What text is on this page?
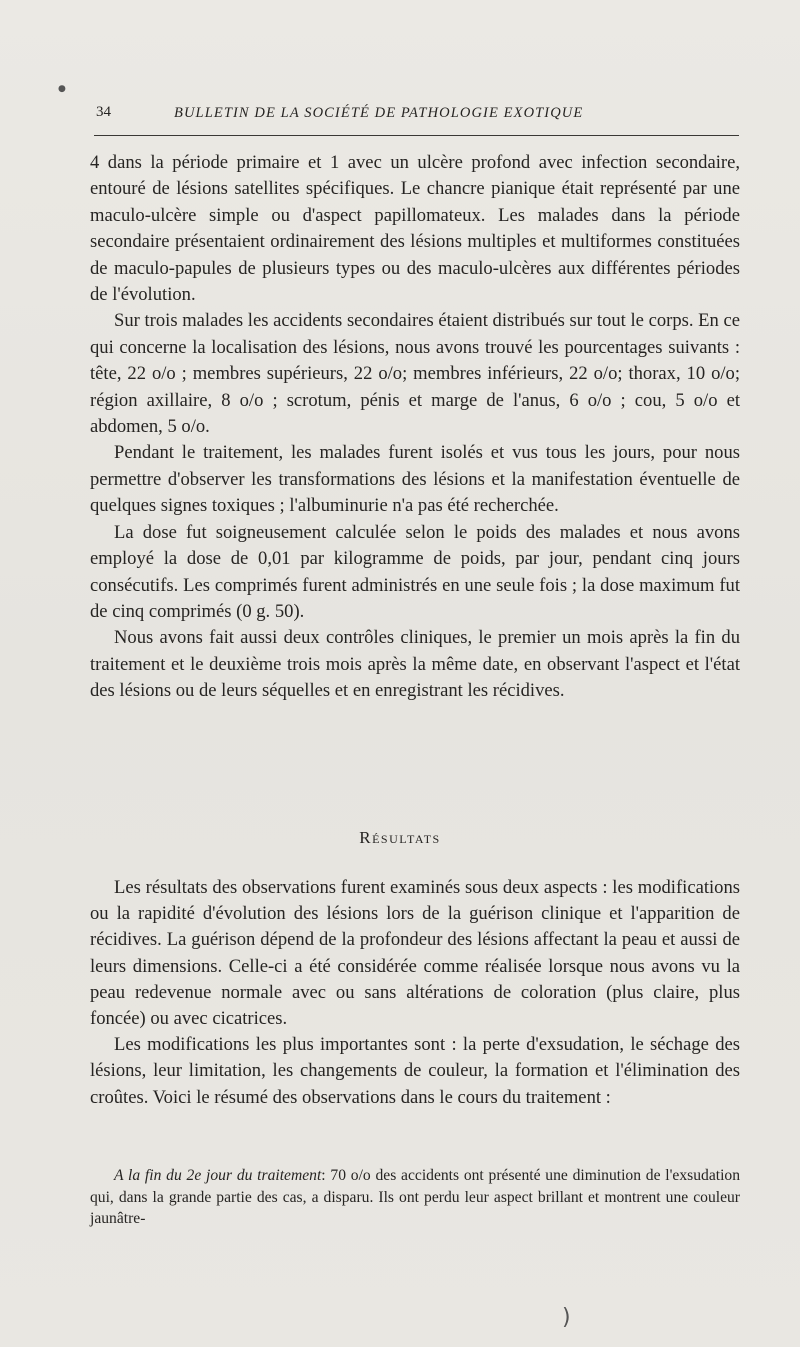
●
34	BULLETIN DE LA SOCIÉTÉ DE PATHOLOGIE EXOTIQUE

4 dans la période primaire et 1 avec un ulcère profond avec infection secondaire, entouré de lésions satellites spécifiques. Le chancre pianique était représenté par une maculo-ulcère simple ou d'aspect papillomateux. Les malades dans la période secondaire présentaient ordinairement des lésions multiples et multiformes constituées de maculo-papules de plusieurs types ou des maculo-ulcères aux différentes périodes de l'évolution.

Sur trois malades les accidents secondaires étaient distribués sur tout le corps. En ce qui concerne la localisation des lésions, nous avons trouvé les pourcentages suivants : tête, 22 o/o ; membres supérieurs, 22 o/o; membres inférieurs, 22 o/o; thorax, 10 o/o; région axillaire, 8 o/o ; scrotum, pénis et marge de l'anus, 6 o/o ; cou, 5 o/o et abdomen, 5 o/o.

Pendant le traitement, les malades furent isolés et vus tous les jours, pour nous permettre d'observer les transformations des lésions et la manifestation éventuelle de quelques signes toxiques ; l'albuminurie n'a pas été recherchée.

La dose fut soigneusement calculée selon le poids des malades et nous avons employé la dose de 0,01 par kilogramme de poids, par jour, pendant cinq jours consécutifs. Les comprimés furent administrés en une seule fois ; la dose maximum fut de cinq comprimés (0 g. 50).

Nous avons fait aussi deux contrôles cliniques, le premier un mois après la fin du traitement et le deuxième trois mois après la même date, en observant l'aspect et l'état des lésions ou de leurs séquelles et en enregistrant les récidives.

Résultats

Les résultats des observations furent examinés sous deux aspects : les modifications ou la rapidité d'évolution des lésions lors de la guérison clinique et l'apparition de récidives. La guérison dépend de la profondeur des lésions affectant la peau et aussi de leurs dimensions. Celle-ci a été considérée comme réalisée lorsque nous avons vu la peau redevenue normale avec ou sans altérations de coloration (plus claire, plus foncée) ou avec cicatrices.

Les modifications les plus importantes sont : la perte d'exsudation, le séchage des lésions, leur limitation, les changements de couleur, la formation et l'élimination des croûtes. Voici le résumé des observations dans le cours du traitement :

A la fin du 2e jour du traitement: 70 o/o des accidents ont présenté une diminution de l'exsudation qui, dans la grande partie des cas, a disparu. Ils ont perdu leur aspect brillant et montrent une couleur jaunâtre-

)
